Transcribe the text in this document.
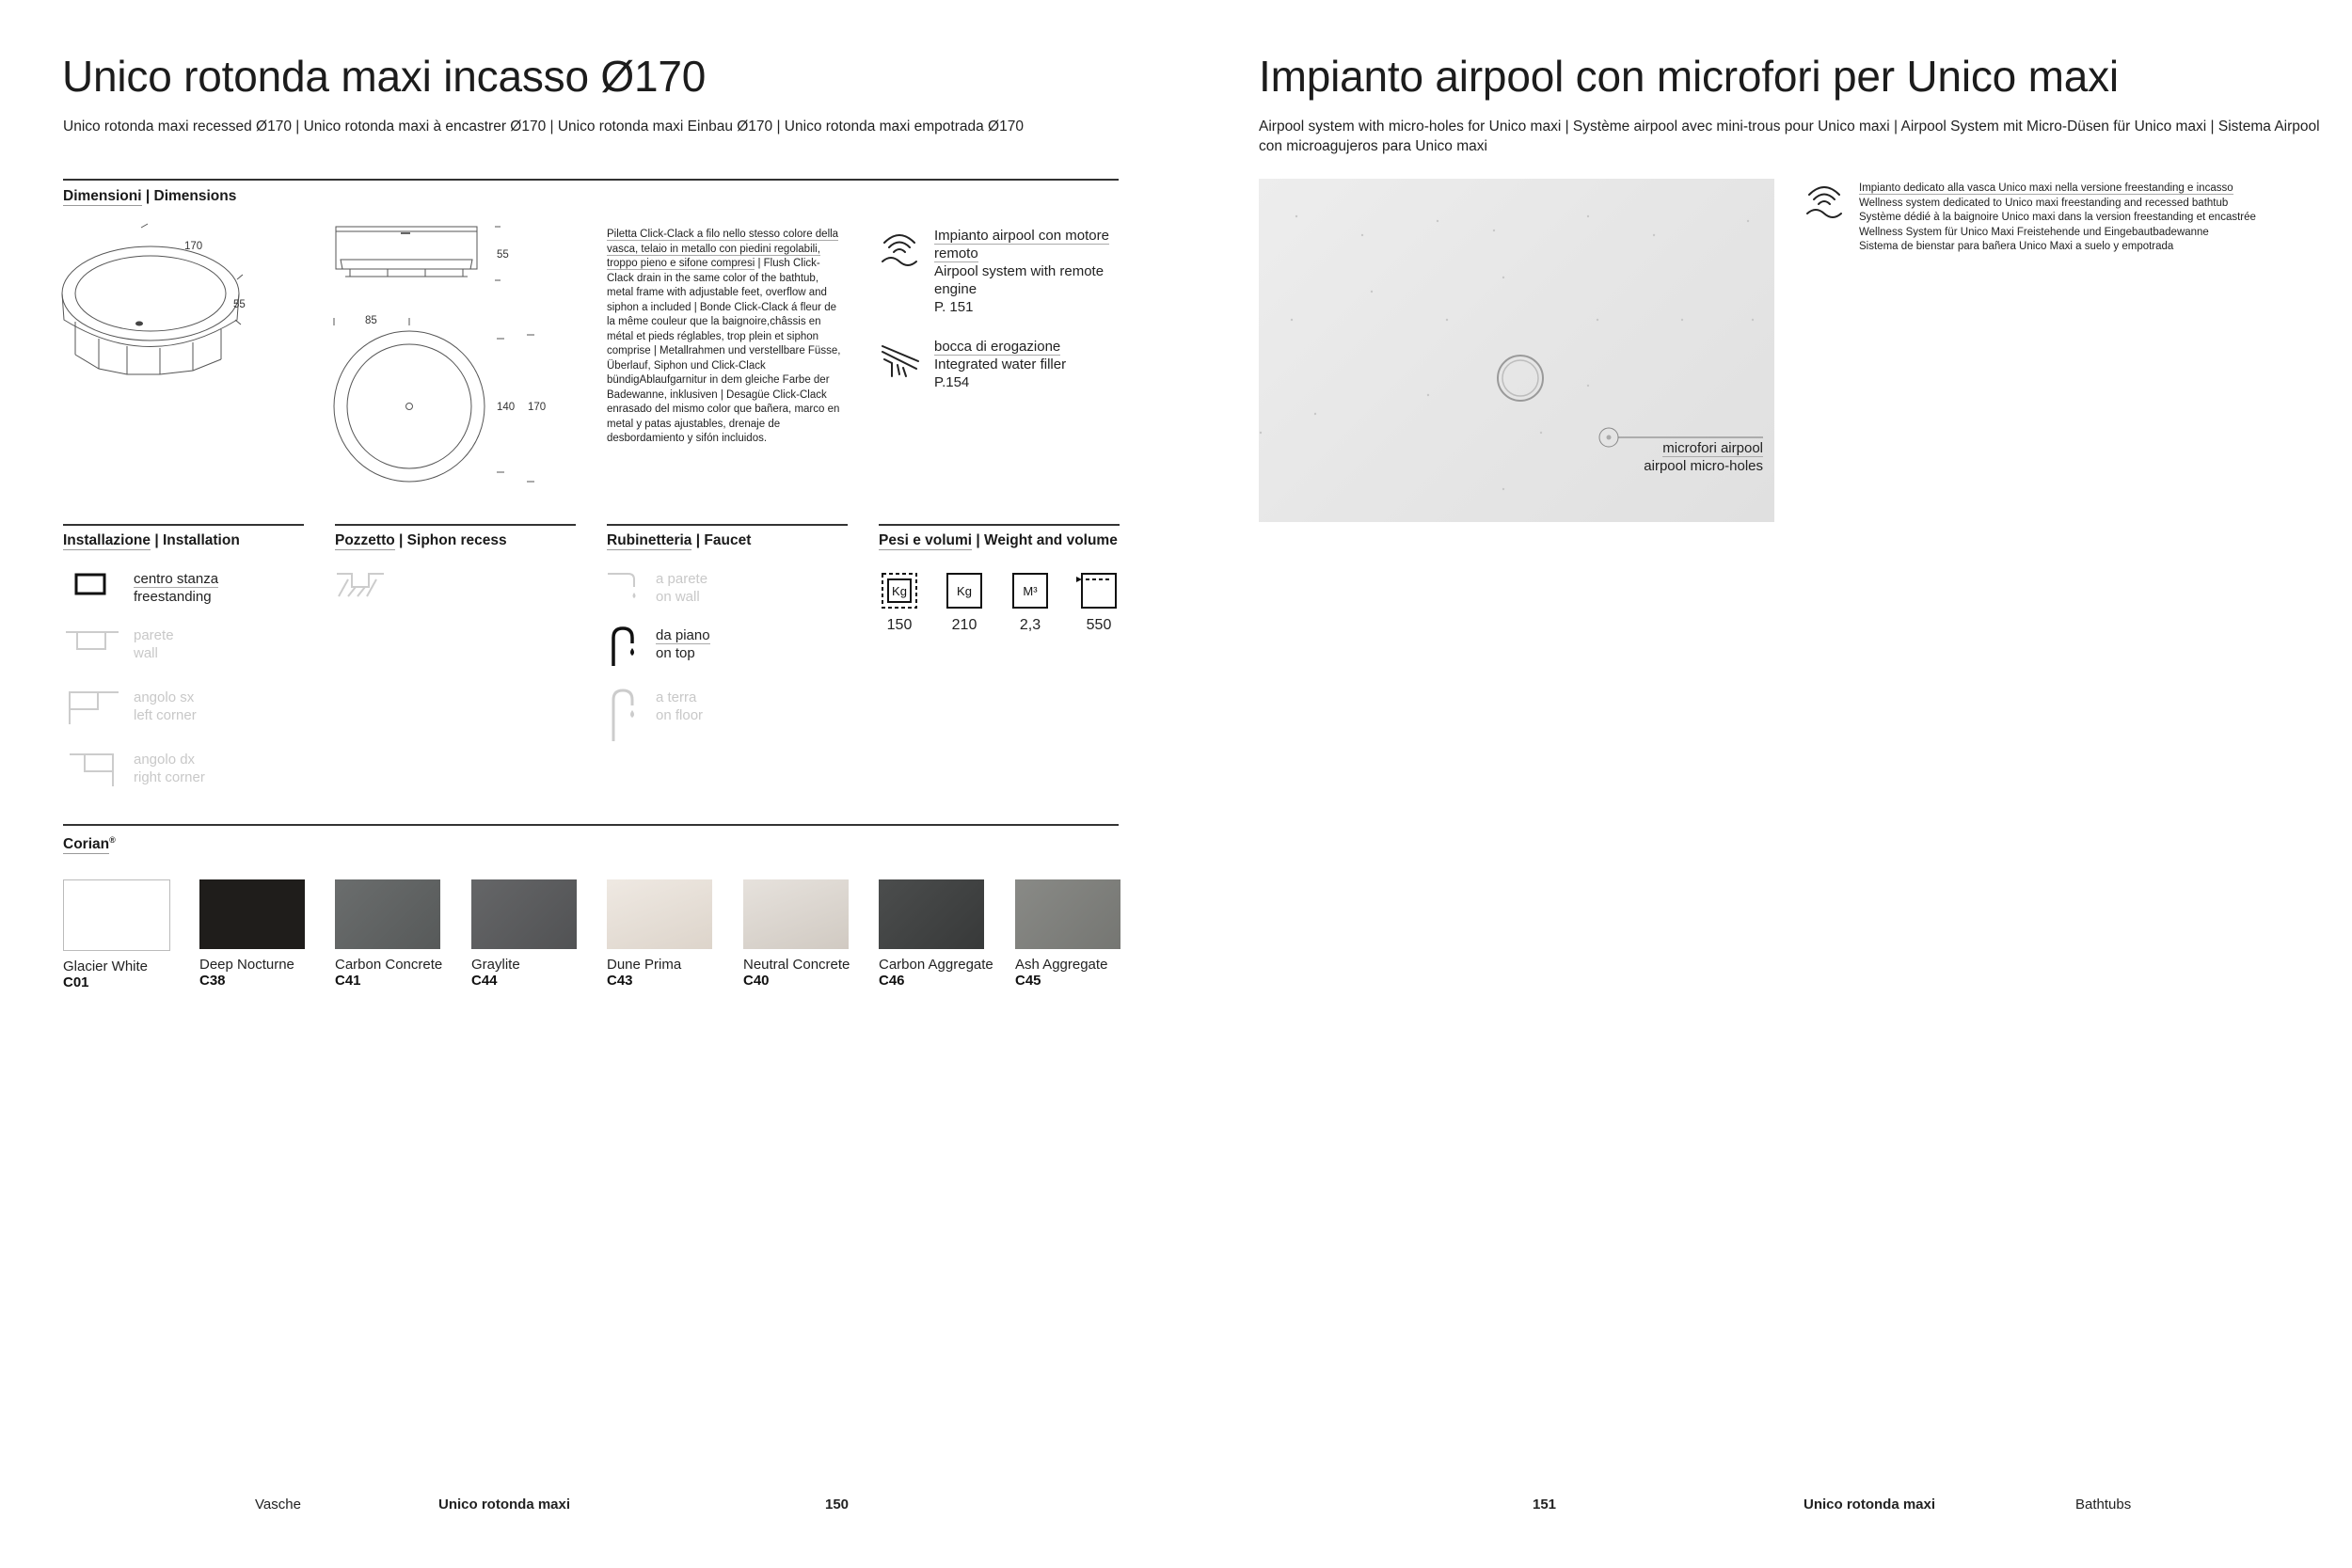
Unico rotonda maxi incasso Ø170
Unico rotonda maxi recessed Ø170 | Unico rotonda maxi à encastrer Ø170 | Unico rotonda maxi Einbau Ø170 | Unico rotonda maxi empotrada Ø170
Dimensioni | Dimensions
170
55
55
85
140 170
Piletta Click-Clack a filo nello stesso colore della vasca, telaio in metallo con piedini regolabili, troppo pieno e sifone compresi | Flush Click-Clack drain in the same color of the bathtub, metal frame with adjustable feet, overflow and siphon a included | Bonde Click-Clack á fleur de la même couleur que la baignoire,châssis en métal et pieds réglables, trop plein et siphon comprise | Metallrahmen und verstellbare Füsse, Überlauf, Siphon und Click-Clack bündigAblaufgarnitur in dem gleiche Farbe der Badewanne, inklusiven | Desagüe Click-Clack enrasado del mismo color que bañera, marco en metal y patas ajustables, drenaje de desbordamiento y sifón incluidos.
Impianto airpool con motore remoto
Airpool system with remote engine
P. 151
bocca di erogazione
Integrated water filler
P.154
Installazione | Installation
centro stanza
freestanding
parete
wall
angolo sx
left corner
angolo dx
right corner
Pozzetto | Siphon recess	Rubinetteria | Faucet
a parete
on wall
da piano
on top
a terra
on floor
Pesi e volumi | Weight and volume
Kg
150
Kg
210
M³
2,3	550
Corian®
Glacier White
C01
Deep Nocturne
C38
Carbon Concrete
C41
Graylite
C44
Dune Prima
C43
Neutral Concrete
C40
Carbon Aggregate
C46
Ash Aggregate
C45
Vasche	Unico rotonda maxi	150
Impianto airpool con microfori per Unico maxi
Airpool system with micro-holes for Unico maxi | Système airpool avec mini-trous pour Unico maxi | Airpool System mit Micro-Düsen für Unico maxi | Sistema Airpool con microagujeros para Unico maxi
microfori airpool
airpool micro-holes
Impianto dedicato alla vasca Unico maxi nella versione freestanding e incasso
Wellness system dedicated to Unico maxi freestanding and recessed bathtub
Système dédié à la baignoire Unico maxi dans la version freestanding et encastrée
Wellness System für Unico Maxi Freistehende und Eingebautbadewanne
Sistema de bienstar para bañera Unico Maxi a suelo y empotrada
151	Unico rotonda maxi	Bathtubs
